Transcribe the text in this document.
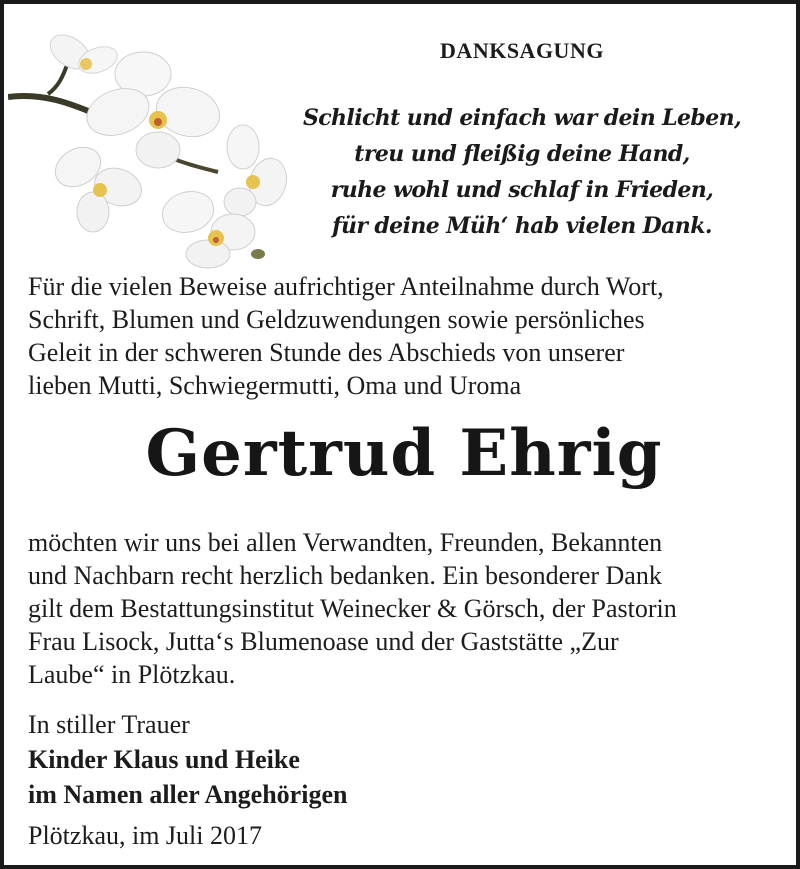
DANKSAGUNG
Schlicht und einfach war dein Leben,
treu und fleißig deine Hand,
ruhe wohl und schlaf in Frieden,
für deine Müh‘ hab vielen Dank.
Für die vielen Beweise aufrichtiger Anteilnahme durch Wort,
Schrift, Blumen und Geldzuwendungen sowie persönliches
Geleit in der schweren Stunde des Abschieds von unserer
lieben Mutti, Schwiegermutti, Oma und Uroma
Gertrud Ehrig
möchten wir uns bei allen Verwandten, Freunden, Bekannten
und Nachbarn recht herzlich bedanken. Ein besonderer Dank
gilt dem Bestattungsinstitut Weinecker & Görsch, der Pastorin
Frau Lisock, Jutta‘s Blumenoase und der Gaststätte „Zur
Laube“ in Plötzkau.
In stiller Trauer
Kinder Klaus und Heike
im Namen aller Angehörigen
Plötzkau, im Juli 2017
